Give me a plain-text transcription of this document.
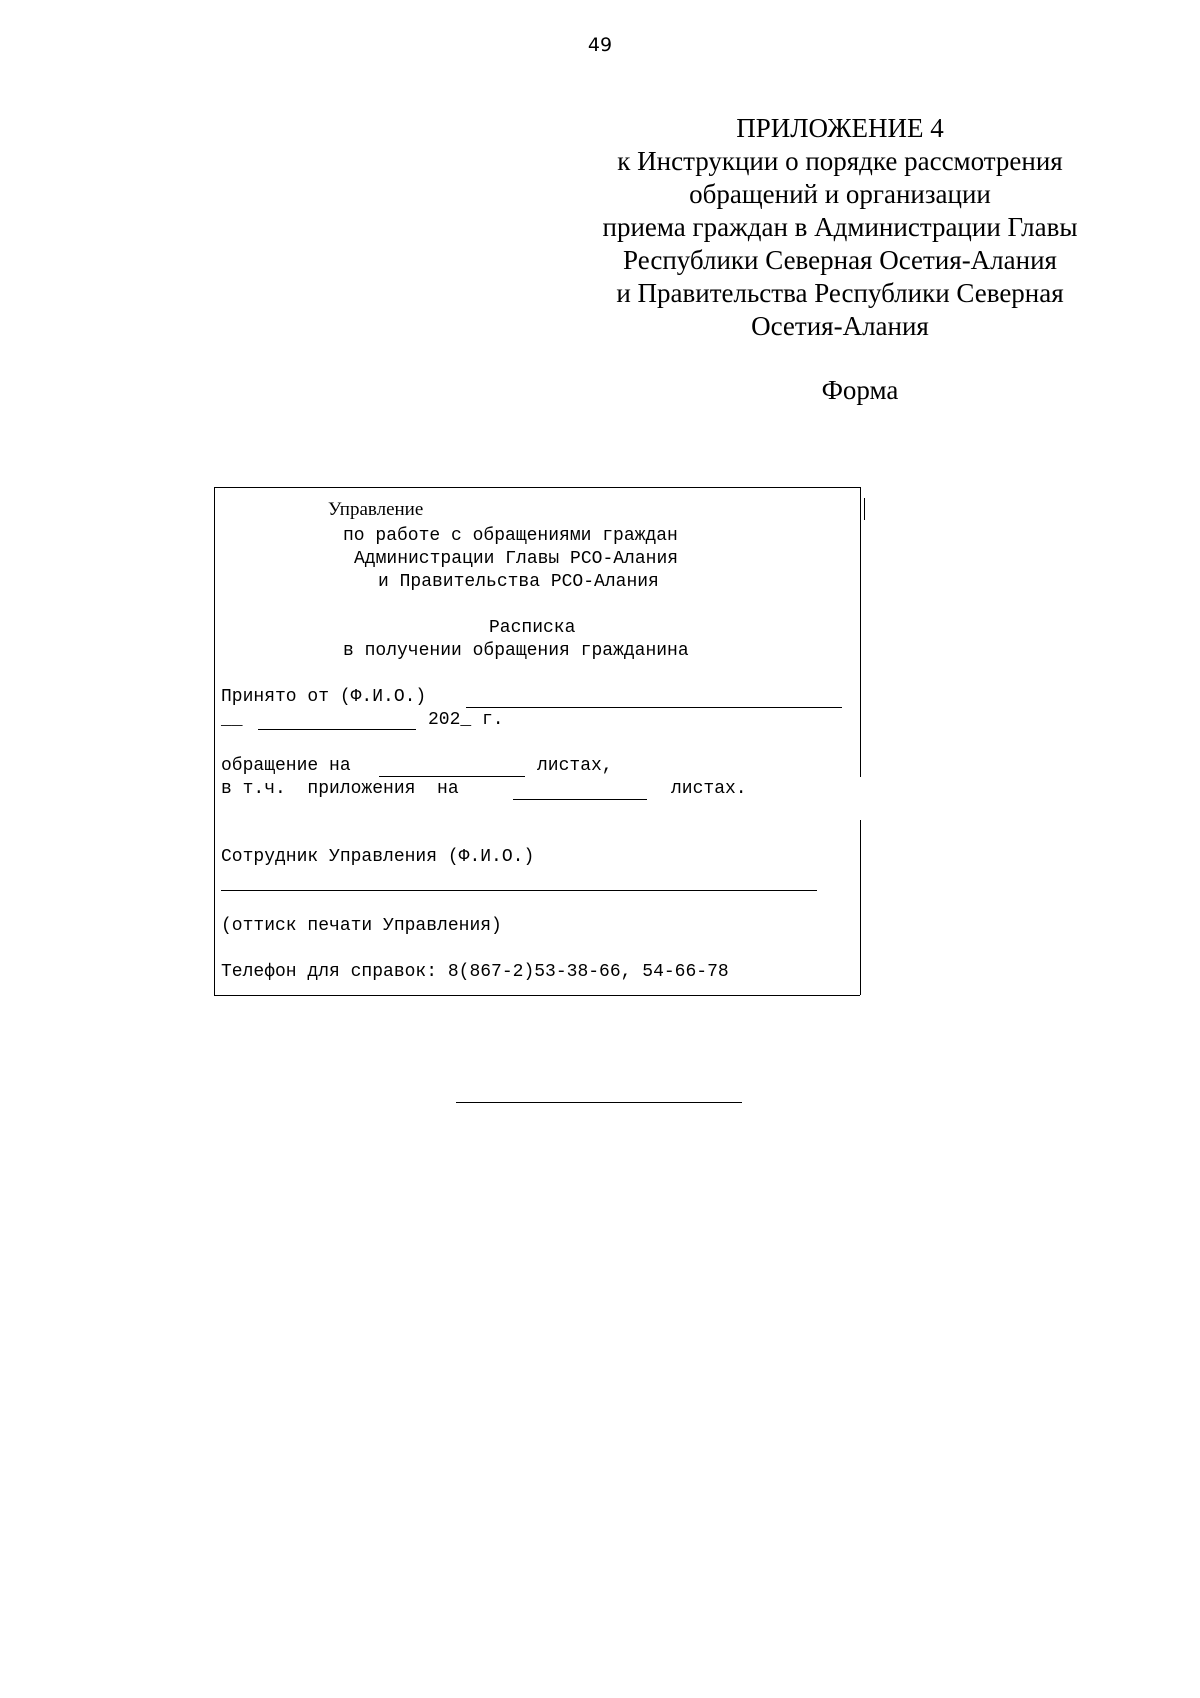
49
ПРИЛОЖЕНИЕ 4
к Инструкции о порядке рассмотрения
обращений и организации
приема граждан в Администрации Главы
Республики Северная Осетия-Алания
и Правительства Республики Северная
Осетия-Алания
Форма
Управление
по работе с обращениями граждан
Администрации Главы РСО-Алания
и Правительства РСО-Алания
Расписка
в получении обращения гражданина
Принято от (Ф.И.О.)
__	202_ г.
обращение на	листах,
в т.ч.  приложения  на	листах.
Сотрудник Управления (Ф.И.О.)
(оттиск печати Управления)
Телефон для справок: 8(867-2)53-38-66, 54-66-78
